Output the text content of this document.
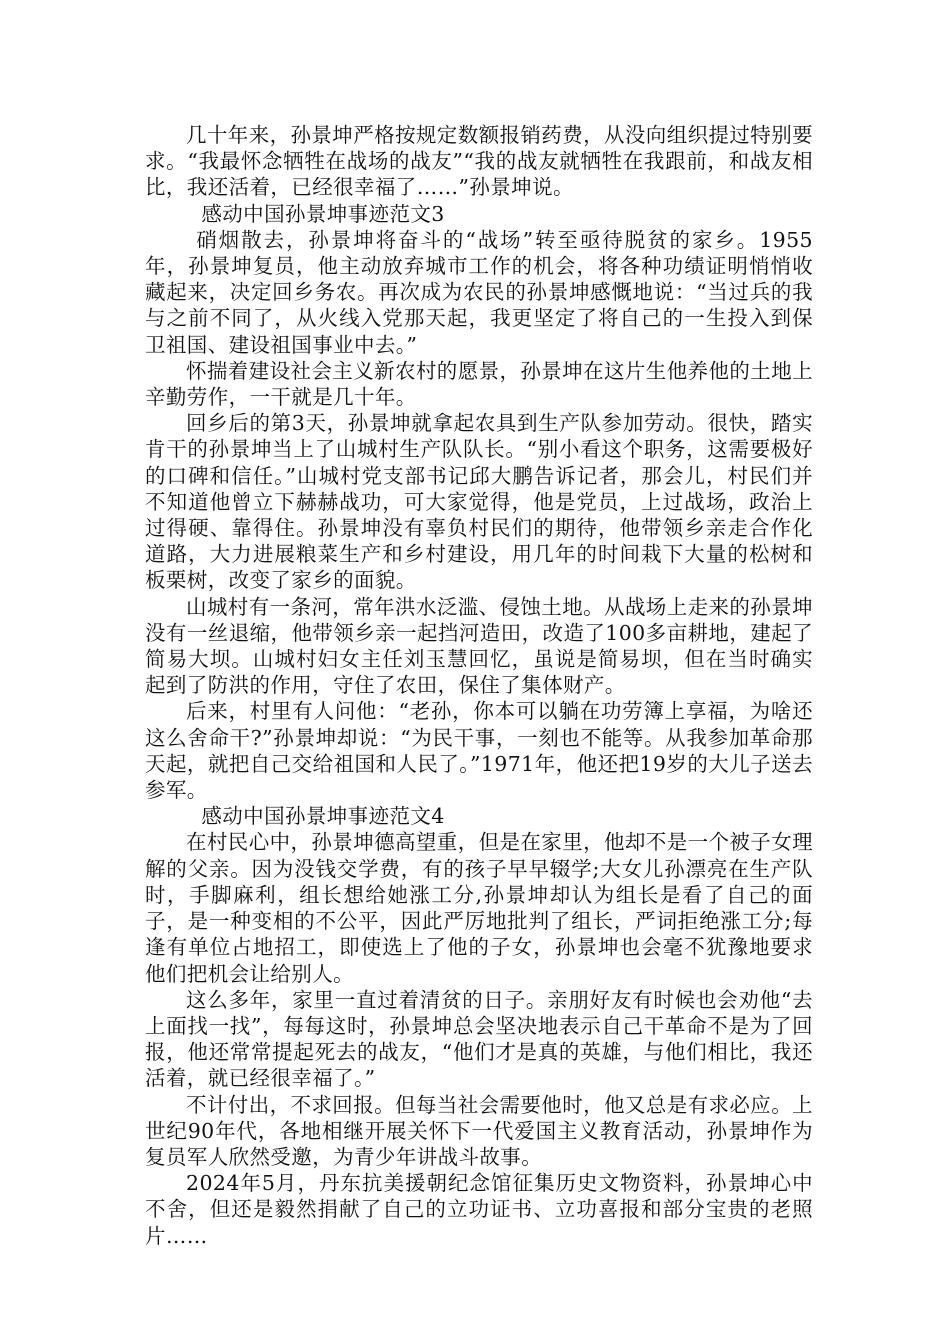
几十年来，孙景坤严格按规定数额报销药费，从没向组织提过特别要求。“我最怀念牺牲在战场的战友”“我的战友就牺牲在我跟前，和战友相比，我还活着，已经很幸福了……”孙景坤说。

感动中国孙景坤事迹范文3

硝烟散去，孙景坤将奋斗的“战场”转至亟待脱贫的家乡。1955年，孙景坤复员，他主动放弃城市工作的机会，将各种功绩证明悄悄收藏起来，决定回乡务农。再次成为农民的孙景坤感慨地说：“当过兵的我与之前不同了，从火线入党那天起，我更坚定了将自己的一生投入到保卫祖国、建设祖国事业中去。”

怀揣着建设社会主义新农村的愿景，孙景坤在这片生他养他的土地上辛勤劳作，一干就是几十年。

回乡后的第3天，孙景坤就拿起农具到生产队参加劳动。很快，踏实肯干的孙景坤当上了山城村生产队队长。“别小看这个职务，这需要极好的口碑和信任。”山城村党支部书记邱大鹏告诉记者，那会儿，村民们并不知道他曾立下赫赫战功，可大家觉得，他是党员，上过战场，政治上过得硬、靠得住。孙景坤没有辜负村民们的期待，他带领乡亲走合作化道路，大力进展粮菜生产和乡村建设，用几年的时间栽下大量的松树和板栗树，改变了家乡的面貌。

山城村有一条河，常年洪水泛滥、侵蚀土地。从战场上走来的孙景坤没有一丝退缩，他带领乡亲一起挡河造田，改造了100多亩耕地，建起了简易大坝。山城村妇女主任刘玉慧回忆，虽说是简易坝，但在当时确实起到了防洪的作用，守住了农田，保住了集体财产。

后来，村里有人问他：“老孙，你本可以躺在功劳簿上享福，为啥还这么舍命干?”孙景坤却说：“为民干事，一刻也不能等。从我参加革命那天起，就把自己交给祖国和人民了。”1971年，他还把19岁的大儿子送去参军。

感动中国孙景坤事迹范文4

在村民心中，孙景坤德高望重，但是在家里，他却不是一个被子女理解的父亲。因为没钱交学费，有的孩子早早辍学;大女儿孙漂亮在生产队时，手脚麻利，组长想给她涨工分,孙景坤却认为组长是看了自己的面子，是一种变相的不公平，因此严厉地批判了组长，严词拒绝涨工分;每逢有单位占地招工，即使选上了他的子女，孙景坤也会毫不犹豫地要求他们把机会让给别人。

这么多年，家里一直过着清贫的日子。亲朋好友有时候也会劝他“去上面找一找”，每每这时，孙景坤总会坚决地表示自己干革命不是为了回报，他还常常提起死去的战友，“他们才是真的英雄，与他们相比，我还活着，就已经很幸福了。”

不计付出，不求回报。但每当社会需要他时，他又总是有求必应。上世纪90年代，各地相继开展关怀下一代爱国主义教育活动，孙景坤作为复员军人欣然受邀，为青少年讲战斗故事。

2024年5月，丹东抗美援朝纪念馆征集历史文物资料，孙景坤心中不舍，但还是毅然捐献了自己的立功证书、立功喜报和部分宝贵的老照片……
